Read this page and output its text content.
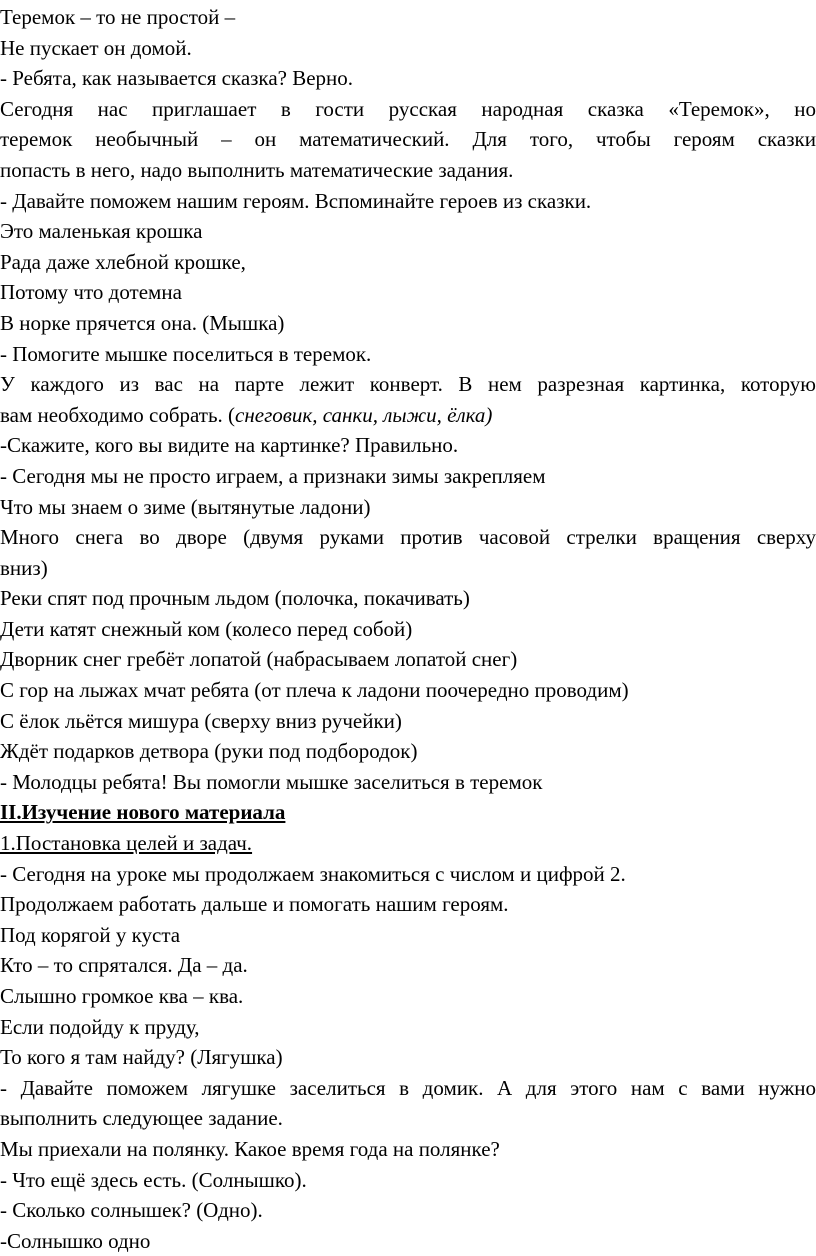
Теремок – то не простой –
Не пускает он домой.
- Ребята, как называется сказка? Верно.
Сегодня нас приглашает в гости русская народная сказка «Теремок», но
теремок необычный – он математический. Для того, чтобы героям сказки
попасть в него, надо выполнить математические задания.
- Давайте поможем нашим героям. Вспоминайте героев из сказки.
Это маленькая крошка
Рада даже хлебной крошке,
Потому что дотемна
В норке прячется она. (Мышка)
- Помогите мышке поселиться в теремок.
У каждого из вас на парте лежит конверт. В нем разрезная картинка, которую
вам необходимо собрать. (снеговик, санки, лыжи, ёлка)
-Скажите, кого вы видите на картинке? Правильно.
- Сегодня мы не просто играем, а признаки зимы закрепляем
Что мы знаем о зиме (вытянутые ладони)
Много снега во дворе (двумя руками против часовой стрелки вращения сверху
вниз)
Реки спят под прочным льдом (полочка, покачивать)
Дети катят снежный ком (колесо перед собой)
Дворник снег гребёт лопатой (набрасываем лопатой снег)
С гор на лыжах мчат ребята (от плеча к ладони поочередно проводим)
С ёлок льётся мишура (сверху вниз ручейки)
Ждёт подарков детвора (руки под подбородок)
- Молодцы ребята! Вы помогли мышке заселиться в теремок
II.Изучение нового материала
1.Постановка целей и задач.
- Сегодня на уроке мы продолжаем знакомиться с числом и цифрой 2.
Продолжаем работать дальше и помогать нашим героям.
Под корягой у куста
Кто – то спрятался. Да – да.
Слышно громкое ква – ква.
Если подойду к пруду,
То кого я там найду? (Лягушка)
- Давайте поможем лягушке заселиться в домик. А для этого нам с вами нужно
выполнить следующее задание.
Мы приехали на полянку. Какое время года на полянке?
- Что ещё здесь есть. (Солнышко).
- Сколько солнышек? (Одно).
-Солнышко одно
